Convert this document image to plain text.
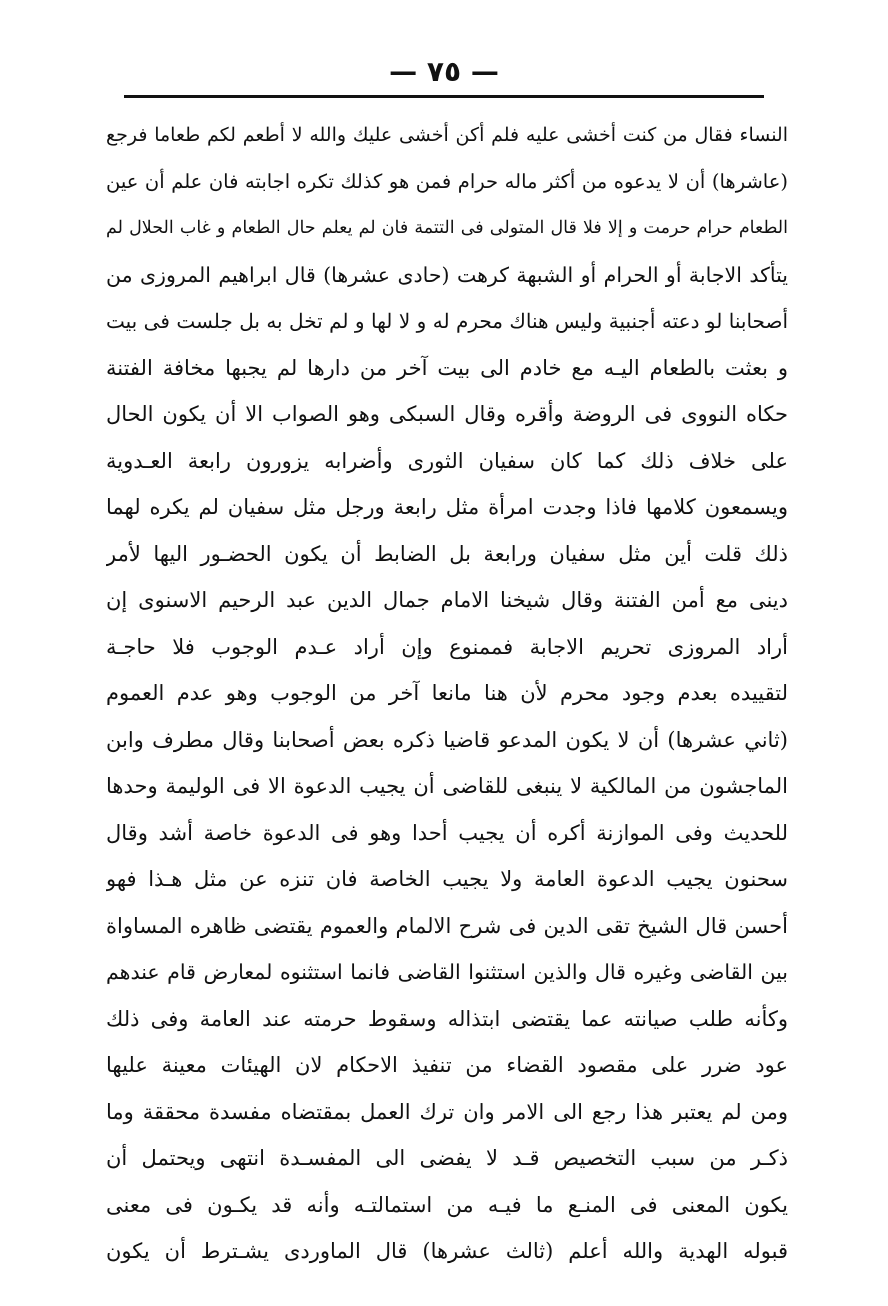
— ٧٥ —
النساء فقال من كنت أخشى عليه فلم أكن أخشى عليك والله لا أطعم لكم طعاما فرجع
(عاشرها) أن لا يدعوه من أكثر ماله حرام فمن هو كذلك تكره اجابته فان علم أن عين
الطعام حرام حرمت و إلا فلا قال المتولى فى التتمة فان لم يعلم حال الطعام و غاب الحلال لم
يتأكد الاجابة أو الحرام أو الشبهة كرهت (حادى عشرها) قال ابراهيم المروزى من
أصحابنا لو دعته أجنبية وليس هناك محرم له و لا لها و لم تخل به بل جلست فى بيت
و بعثت بالطعام اليـه مع خادم الى بيت آخر من دارها لم يجبها مخافة الفتنة
حكاه النووى فى الروضة وأقره وقال السبكى وهو الصواب الا أن يكون الحال
على خلاف ذلك كما كان سفيان الثورى وأضرابه يزورون رابعة العـدوية
ويسمعون كلامها فاذا وجدت امرأة مثل رابعة ورجل مثل سفيان لم يكره لهما
ذلك قلت أين مثل سفيان ورابعة بل الضابط أن يكون الحضـور اليها لأمر
دينى مع أمن الفتنة وقال شيخنا الامام جمال الدين عبد الرحيم الاسنوى إن
أراد المروزى تحريم الاجابة فممنوع وإن أراد عـدم الوجوب فلا حاجـة
لتقييده بعدم وجود محرم لأن هنا مانعا آخر من الوجوب وهو عدم العموم
(ثاني عشرها) أن لا يكون المدعو قاضيا ذكره بعض أصحابنا وقال مطرف وابن
الماجشون من المالكية لا ينبغى للقاضى أن يجيب الدعوة الا فى الوليمة وحدها
للحديث وفى الموازنة أكره أن يجيب أحدا وهو فى الدعوة خاصة أشد وقال
سحنون يجيب الدعوة العامة ولا يجيب الخاصة فان تنزه عن مثل هـذا فهو
أحسن قال الشيخ تقى الدين فى شرح الالمام والعموم يقتضى ظاهره المساواة
بين القاضى وغيره قال والذين استثنوا القاضى فانما استثنوه لمعارض قام عندهم
وكأنه طلب صيانته عما يقتضى ابتذاله وسقوط حرمته عند العامة وفى ذلك
عود ضرر على مقصود القضاء من تنفيذ الاحكام لان الهيئات معينة عليها
ومن لم يعتبر هذا رجع الى الامر وان ترك العمل بمقتضاه مفسدة محققة وما
ذكـر من سبب التخصيص قـد لا يفضى الى المفسـدة انتهى ويحتمل أن
يكون المعنى فى المنـع ما فيـه من استمالتـه وأنه قد يكـون فى معنى
قبوله الهدية والله أعلم (ثالث عشرها) قال الماوردى يشـترط أن يكون
